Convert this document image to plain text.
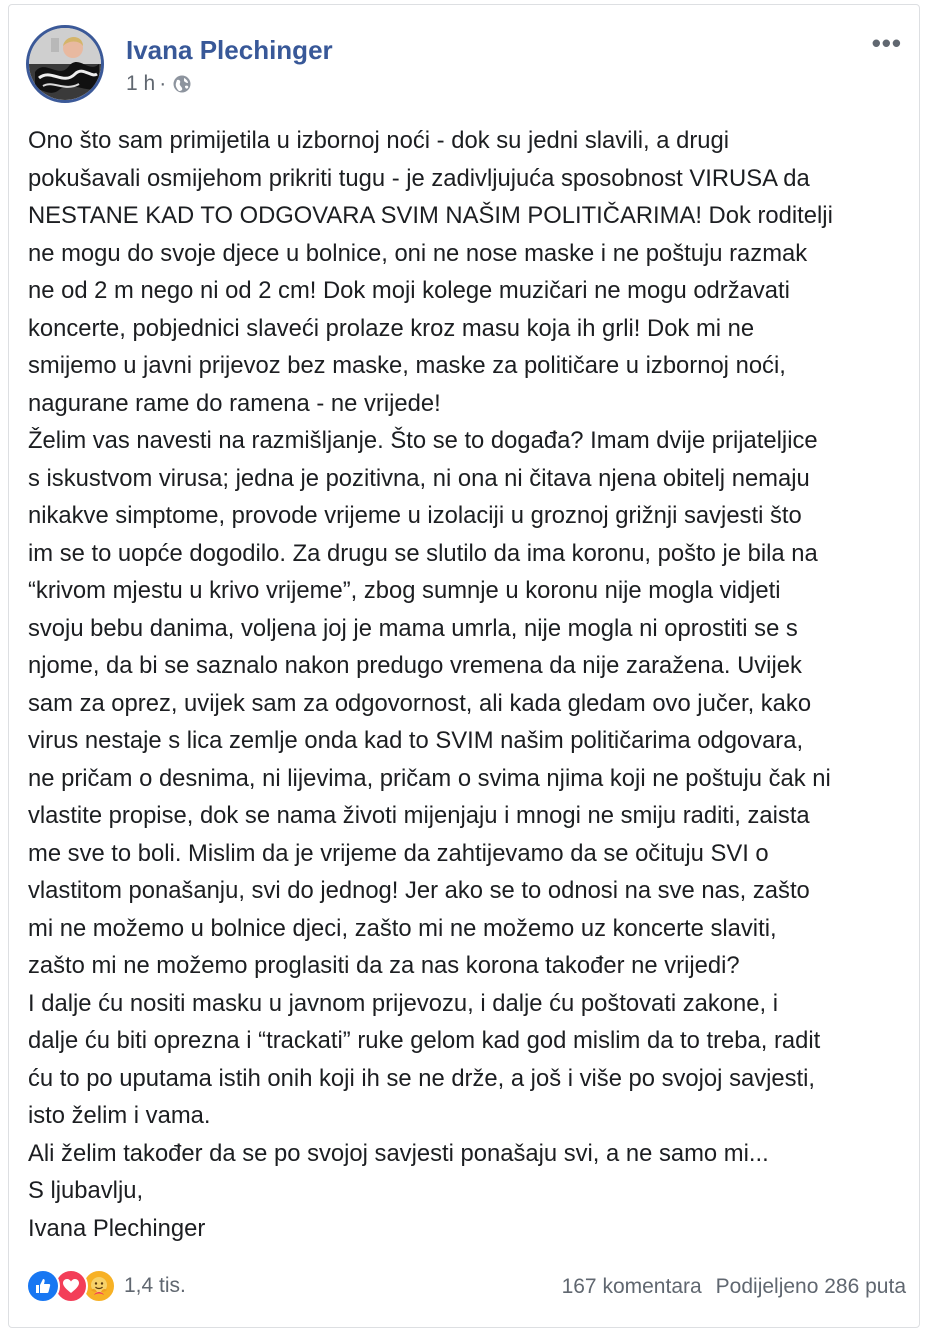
Ivana Plechinger
1 h ·
•••

Ono što sam primijetila u izbornoj noći - dok su jedni slavili, a drugi

pokušavali osmijehom prikriti tugu - je zadivljujuća sposobnost VIRUSA da

NESTANE KAD TO ODGOVARA SVIM NAŠIM POLITIČARIMA! Dok roditelji

ne mogu do svoje djece u bolnice, oni ne nose maske i ne poštuju razmak

ne od 2 m nego ni od 2 cm! Dok moji kolege muzičari ne mogu održavati

koncerte, pobjednici slaveći prolaze kroz masu koja ih grli! Dok mi ne

smijemo u javni prijevoz bez maske, maske za političare u izbornoj noći,

nagurane rame do ramena - ne vrijede!

Želim vas navesti na razmišljanje. Što se to događa? Imam dvije prijateljice

s iskustvom virusa; jedna je pozitivna, ni ona ni čitava njena obitelj nemaju

nikakve simptome, provode vrijeme u izolaciji u groznoj grižnji savjesti što

im se to uopće dogodilo. Za drugu se slutilo da ima koronu, pošto je bila na

“krivom mjestu u krivo vrijeme”, zbog sumnje u koronu nije mogla vidjeti

svoju bebu danima, voljena joj je mama umrla, nije mogla ni oprostiti se s

njome, da bi se saznalo nakon predugo vremena da nije zaražena. Uvijek

sam za oprez, uvijek sam za odgovornost, ali kada gledam ovo jučer, kako

virus nestaje s lica zemlje onda kad to SVIM našim političarima odgovara,

ne pričam o desnima, ni lijevima, pričam o svima njima koji ne poštuju čak ni

vlastite propise, dok se nama životi mijenjaju i mnogi ne smiju raditi, zaista

me sve to boli. Mislim da je vrijeme da zahtijevamo da se očituju SVI o

vlastitom ponašanju, svi do jednog! Jer ako se to odnosi na sve nas, zašto

mi ne možemo u bolnice djeci, zašto mi ne možemo uz koncerte slaviti,

zašto mi ne možemo proglasiti da za nas korona također ne vrijedi?

I dalje ću nositi masku u javnom prijevozu, i dalje ću poštovati zakone, i

dalje ću biti oprezna i “trackati” ruke gelom kad god mislim da to treba, radit

ću to po uputama istih onih koji ih se ne drže, a još i više po svojoj savjesti,

isto želim i vama.

Ali želim također da se po svojoj savjesti ponašaju svi, a ne samo mi...

S ljubavlju,

Ivana Plechinger

1,4 tis.	167 komentara Podijeljeno 286 puta
